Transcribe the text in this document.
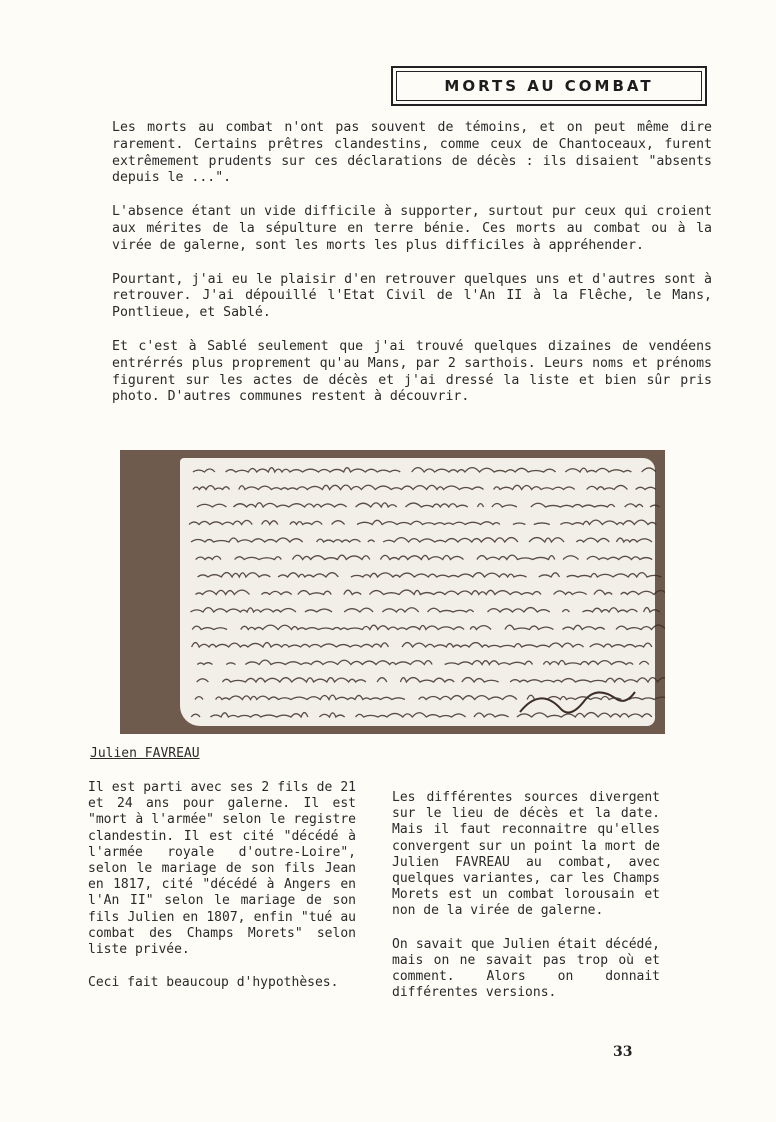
MORTS AU COMBAT

Les morts au combat n'ont pas souvent de témoins, et on peut même dire rarement. Certains prêtres clandestins, comme ceux de Chantoceaux, furent extrêmement prudents sur ces déclarations de décès : ils disaient "absents depuis le ...".

L'absence étant un vide difficile à supporter, surtout pur ceux qui croient aux mérites de la sépulture en terre bénie. Ces morts au combat ou à la virée de galerne, sont les morts les plus difficiles à appréhender.

Pourtant, j'ai eu le plaisir d'en retrouver quelques uns et d'autres sont à retrouver. J'ai dépouillé l'Etat Civil de l'An II à la Flêche, le Mans, Pontlieue, et Sablé.

Et c'est à Sablé seulement que j'ai trouvé quelques dizaines de vendéens entrérrés plus proprement qu'au Mans, par 2 sarthois. Leurs noms et prénoms figurent sur les actes de décès et j'ai dressé la liste et bien sûr pris photo. D'autres communes restent à découvrir.

Julien FAVREAU

Il est parti avec ses 2 fils de 21 et 24 ans pour galerne. Il est "mort à l'armée" selon le registre clandestin. Il est cité "décédé à l'armée royale d'outre-Loire", selon le mariage de son fils Jean en 1817, cité "décédé à Angers en l'An II" selon le mariage de son fils Julien en 1807, enfin "tué au combat des Champs Morets" selon liste privée.

Ceci fait beaucoup d'hypothèses.

Les différentes sources divergent sur le lieu de décès et la date. Mais il faut reconnaitre qu'elles convergent sur un point la mort de Julien FAVREAU au combat, avec quelques variantes, car les Champs Morets est un combat lorousain et non de la virée de galerne.

On savait que Julien était décédé, mais on ne savait pas trop où et comment. Alors on donnait différentes versions.

33
